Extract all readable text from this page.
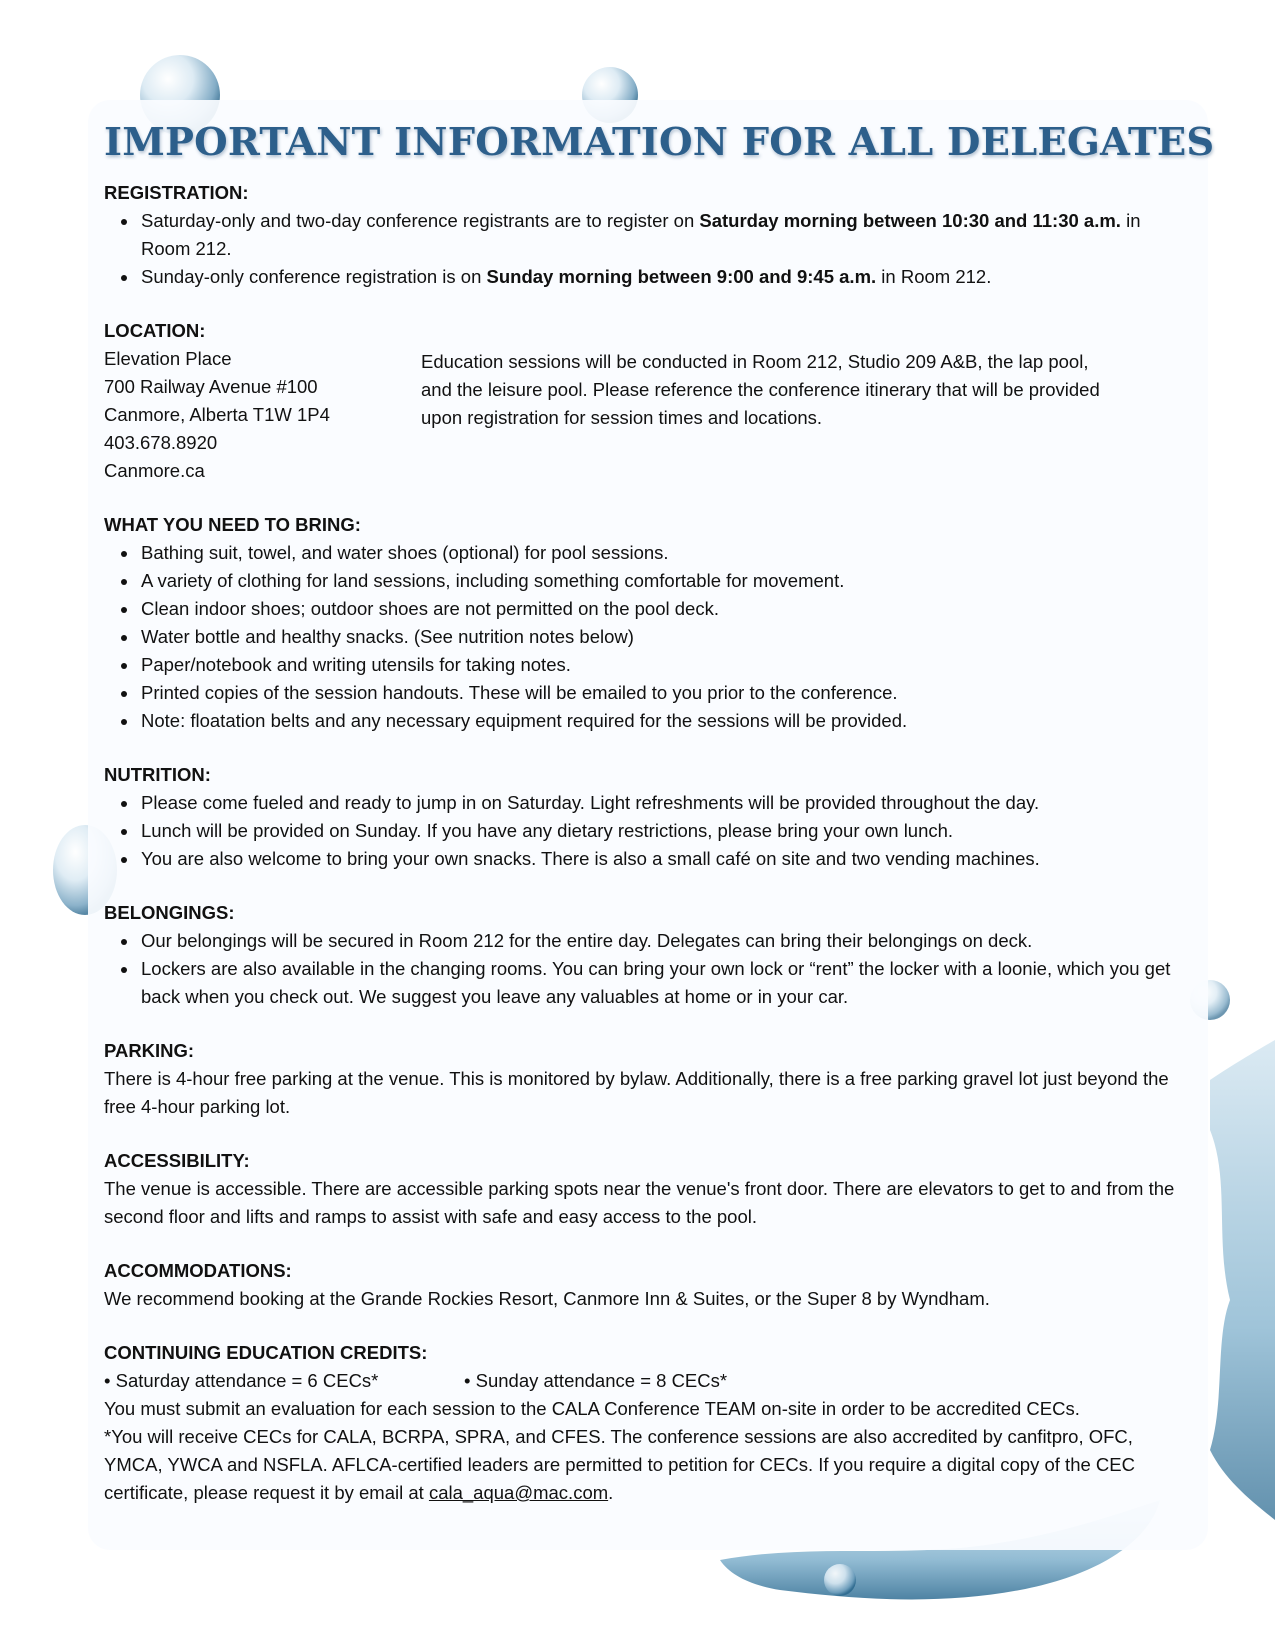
IMPORTANT INFORMATION FOR ALL DELEGATES
REGISTRATION:
• Saturday-only and two-day conference registrants are to register on Saturday morning between 10:30 and 11:30 a.m. in Room 212.
• Sunday-only conference registration is on Sunday morning between 9:00 and 9:45 a.m. in Room 212.
LOCATION:
Elevation Place
700 Railway Avenue #100
Canmore, Alberta T1W 1P4
403.678.8920
Canmore.ca
Education sessions will be conducted in Room 212, Studio 209 A&B, the lap pool, and the leisure pool. Please reference the conference itinerary that will be provided upon registration for session times and locations.
WHAT YOU NEED TO BRING:
• Bathing suit, towel, and water shoes (optional) for pool sessions.
• A variety of clothing for land sessions, including something comfortable for movement.
• Clean indoor shoes; outdoor shoes are not permitted on the pool deck.
• Water bottle and healthy snacks. (See nutrition notes below)
• Paper/notebook and writing utensils for taking notes.
• Printed copies of the session handouts. These will be emailed to you prior to the conference.
• Note: floatation belts and any necessary equipment required for the sessions will be provided.
NUTRITION:
• Please come fueled and ready to jump in on Saturday. Light refreshments will be provided throughout the day.
• Lunch will be provided on Sunday. If you have any dietary restrictions, please bring your own lunch.
• You are also welcome to bring your own snacks. There is also a small café on site and two vending machines.
BELONGINGS:
• Our belongings will be secured in Room 212 for the entire day. Delegates can bring their belongings on deck.
• Lockers are also available in the changing rooms. You can bring your own lock or “rent” the locker with a loonie, which you get back when you check out. We suggest you leave any valuables at home or in your car.
PARKING:

There is 4-hour free parking at the venue. This is monitored by bylaw. Additionally, there is a free parking gravel lot just beyond the free 4-hour parking lot.

ACCESSIBILITY:

The venue is accessible. There are accessible parking spots near the venue's front door. There are elevators to get to and from the second floor and lifts and ramps to assist with safe and easy access to the pool.

ACCOMMODATIONS:

We recommend booking at the Grande Rockies Resort, Canmore Inn & Suites, or the Super 8 by Wyndham.

CONTINUING EDUCATION CREDITS:
• Saturday attendance = 6 CECs*	• Sunday attendance = 8 CECs*

You must submit an evaluation for each session to the CALA Conference TEAM on-site in order to be accredited CECs.

*You will receive CECs for CALA, BCRPA, SPRA, and CFES. The conference sessions are also accredited by canfitpro, OFC, YMCA, YWCA and NSFLA. AFLCA-certified leaders are permitted to petition for CECs. If you require a digital copy of the CEC certificate, please request it by email at cala_aqua@mac.com.
